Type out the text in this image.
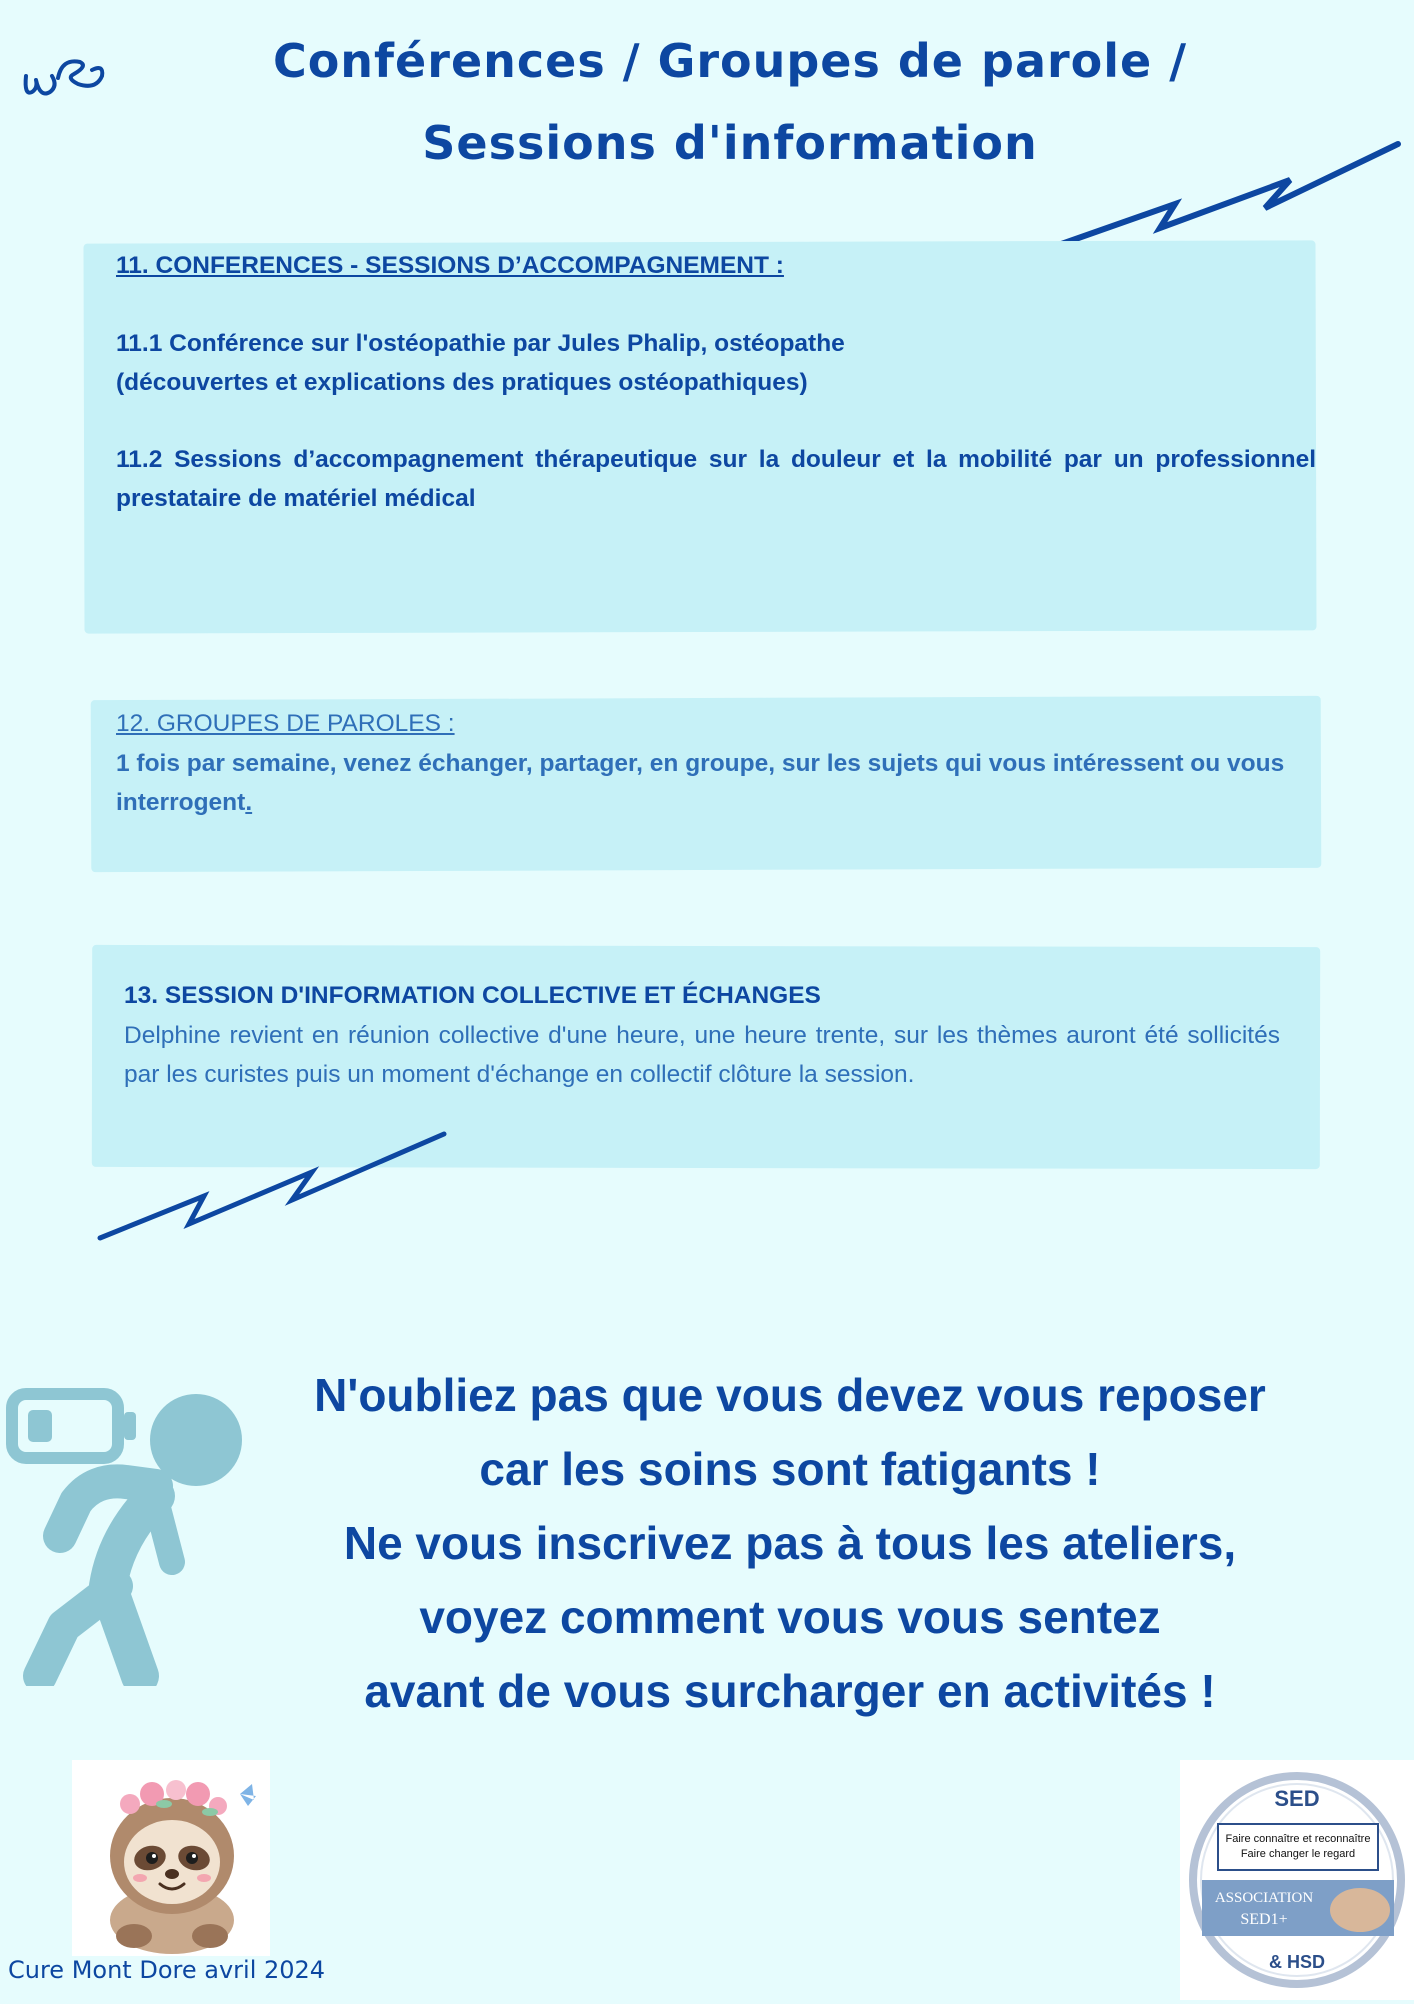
Conférences / Groupes de parole /
Sessions d'information
11. CONFERENCES - SESSIONS D’ACCOMPAGNEMENT :
11.1 Conférence sur l'ostéopathie par Jules Phalip, ostéopathe
(découvertes et explications des pratiques ostéopathiques)
11.2 Sessions d’accompagnement thérapeutique sur la douleur et la mobilité par un professionnel prestataire de matériel médical
12. GROUPES DE PAROLES :
1 fois par semaine, venez échanger, partager, en groupe, sur les sujets qui vous intéressent ou vous interrogent.
13. SESSION D'INFORMATION COLLECTIVE ET ÉCHANGES
Delphine revient en réunion collective d'une heure, une heure trente, sur les thèmes auront été sollicités par les curistes puis un moment d'échange en collectif clôture la session.
N'oubliez pas que vous devez vous reposer
car les soins sont fatigants !
Ne vous inscrivez pas à tous les ateliers,
voyez comment vous vous sentez
avant de vous surcharger en activités !
Cure Mont Dore avril 2024
SED
Faire connaître et reconnaître
Faire changer le regard
ASSOCIATION
SED1+
& HSD
